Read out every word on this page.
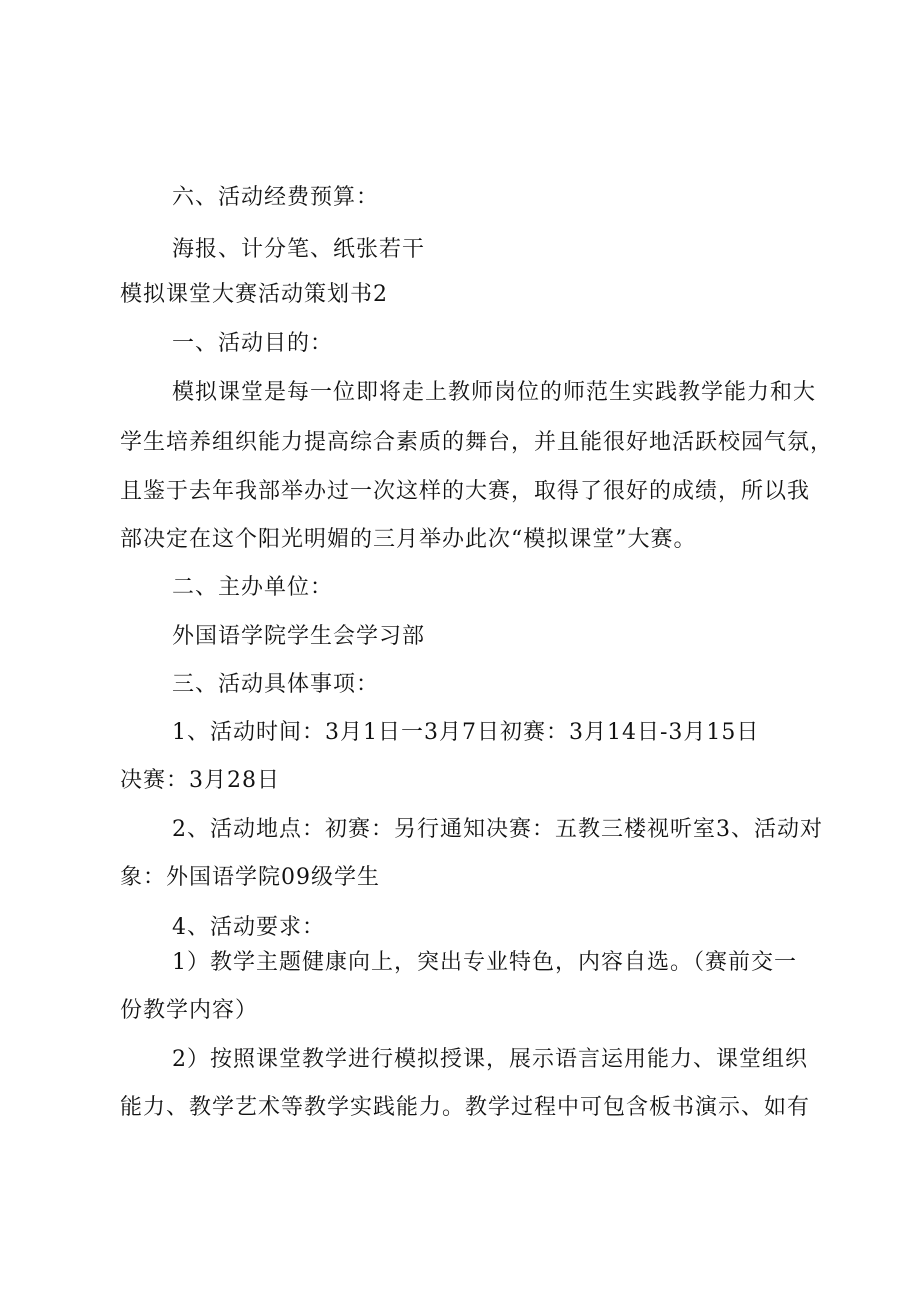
六、活动经费预算：
海报、计分笔、纸张若干
模拟课堂大赛活动策划书2
一、活动目的：
模拟课堂是每一位即将走上教师岗位的师范生实践教学能力和大
学生培养组织能力提高综合素质的舞台，并且能很好地活跃校园气氛，
且鉴于去年我部举办过一次这样的大赛，取得了很好的成绩，所以我
部决定在这个阳光明媚的三月举办此次“模拟课堂”大赛。
二、主办单位：
外国语学院学生会学习部
三、活动具体事项：
1、活动时间：3月1日一3月7日初赛：3月14日-3月15日
决赛：3月28日
2、活动地点：初赛：另行通知决赛：五教三楼视听室3、活动对
象：外国语学院09级学生
4、活动要求：
1）教学主题健康向上，突出专业特色，内容自选。（赛前交一
份教学内容）
2）按照课堂教学进行模拟授课，展示语言运用能力、课堂组织
能力、教学艺术等教学实践能力。教学过程中可包含板书演示、如有
